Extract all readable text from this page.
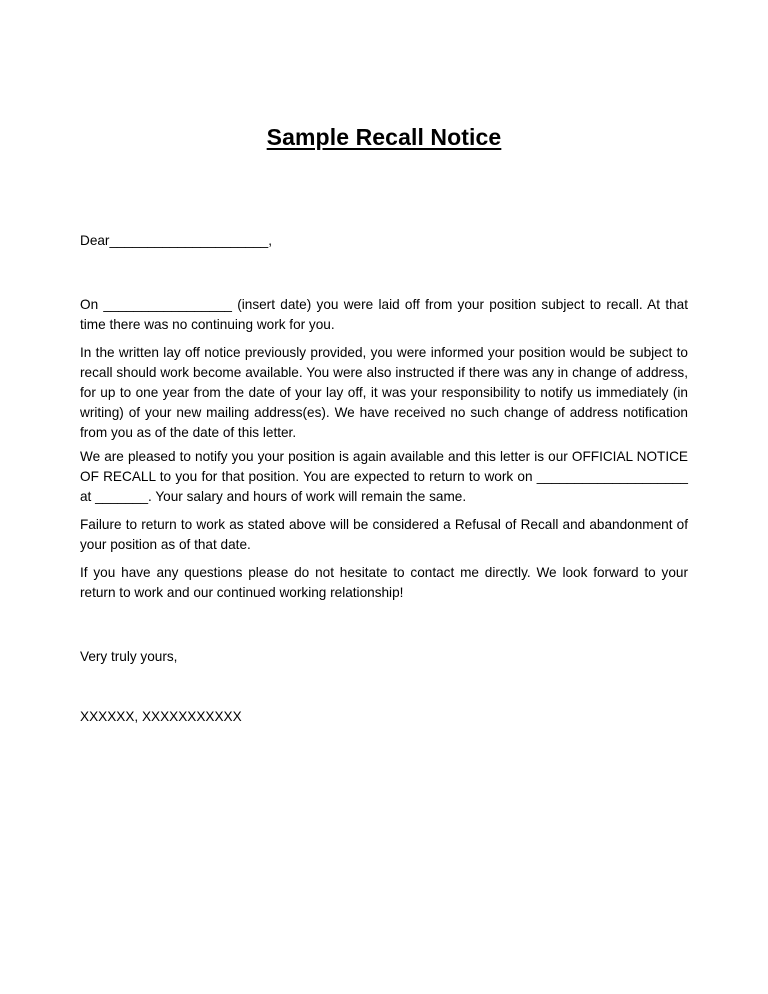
Sample Recall Notice
Dear_____________________,
On _________________ (insert date) you were laid off from your position subject to recall. At that time there was no continuing work for you.
In the written lay off notice previously provided, you were informed your position would be subject to recall should work become available. You were also instructed if there was any in change of address, for up to one year from the date of your lay off, it was your responsibility to notify us immediately (in writing) of your new mailing address(es). We have received no such change of address notification from you as of the date of this letter.
We are pleased to notify you your position is again available and this letter is our OFFICIAL NOTICE OF RECALL to you for that position. You are expected to return to work on ____________________ at _______. Your salary and hours of work will remain the same.
Failure to return to work as stated above will be considered a Refusal of Recall and abandonment of your position as of that date.
If you have any questions please do not hesitate to contact me directly. We look forward to your return to work and our continued working relationship!
Very truly yours,
XXXXXX, XXXXXXXXXXX
